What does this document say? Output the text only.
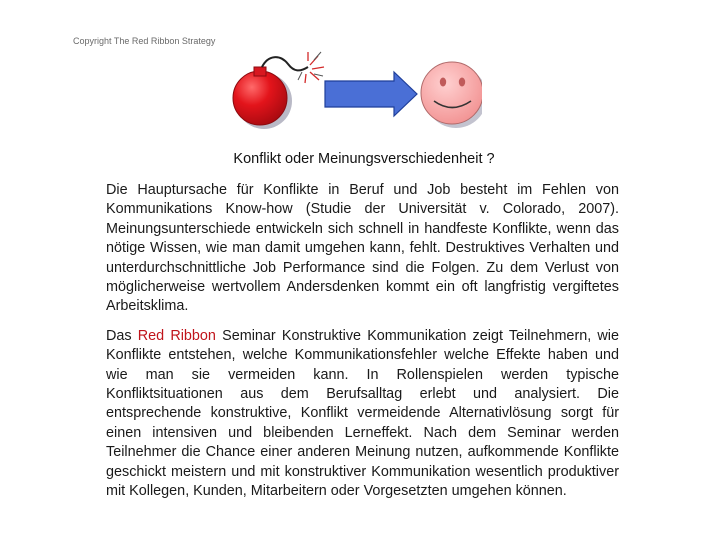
Copyright The Red Ribbon Strategy
Konflikt oder Meinungsverschiedenheit ?

Die Hauptursache für Konflikte in Beruf und Job besteht im Fehlen von Kommunikations Know-how (Studie der Universität v. Colorado, 2007). Meinungsunterschiede entwickeln sich schnell in handfeste Konflikte, wenn das nötige Wissen, wie man damit umgehen kann, fehlt. Destruktives Verhalten und unterdurchschnittliche Job Performance sind die Folgen. Zu dem Verlust von möglicherweise wertvollem Andersdenken kommt ein oft langfristig vergiftetes Arbeitsklima.

Das Red Ribbon Seminar Konstruktive Kommunikation zeigt Teilnehmern, wie Konflikte entstehen, welche Kommunikationsfehler welche Effekte haben und wie man sie vermeiden kann. In Rollenspielen werden typische Konfliktsituationen aus dem Berufsalltag erlebt und analysiert. Die entsprechende konstruktive, Konflikt vermeidende Alternativlösung sorgt für einen intensiven und bleibenden Lerneffekt. Nach dem Seminar werden Teilnehmer die Chance einer anderen Meinung nutzen, aufkommende Konflikte geschickt meistern und mit konstruktiver Kommunikation wesentlich produktiver mit Kollegen, Kunden, Mitarbeitern oder Vorgesetzten umgehen können.
